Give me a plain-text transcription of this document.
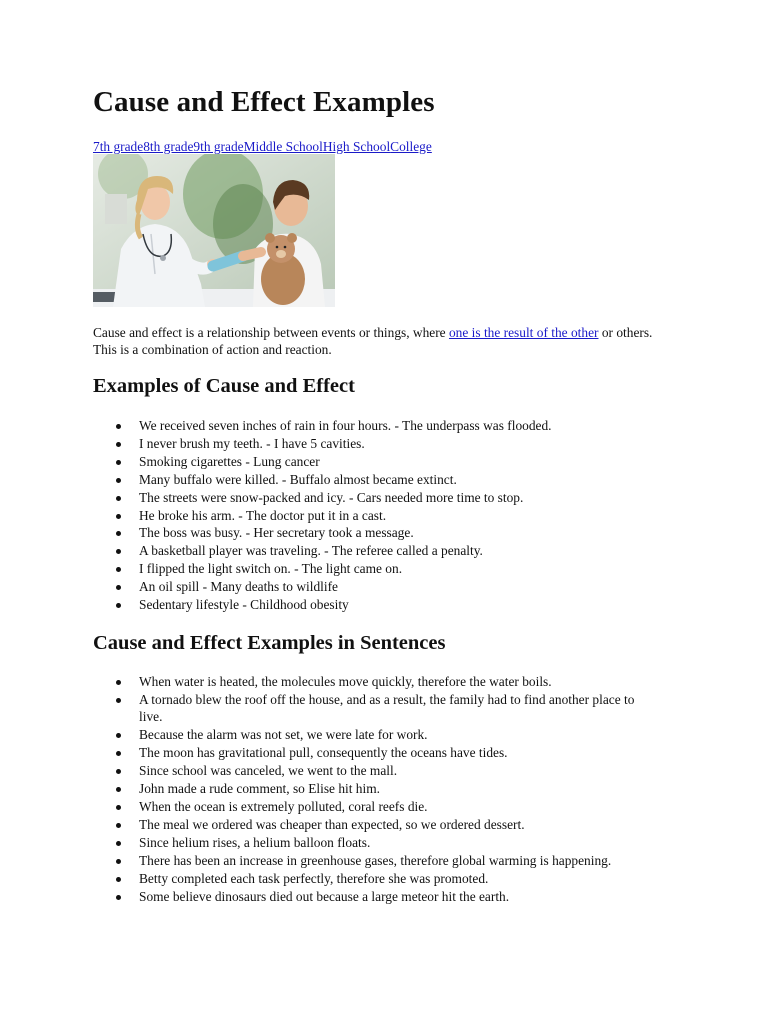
Cause and Effect Examples
7th grade8th grade9th gradeMiddle SchoolHigh SchoolCollege

Cause and effect is a relationship between events or things, where one is the result of the other or others. This is a combination of action and reaction.

Examples of Cause and Effect
We received seven inches of rain in four hours. - The underpass was flooded.
I never brush my teeth. - I have 5 cavities.
Smoking cigarettes - Lung cancer
Many buffalo were killed. - Buffalo almost became extinct.
The streets were snow-packed and icy. - Cars needed more time to stop.
He broke his arm. - The doctor put it in a cast.
The boss was busy. - Her secretary took a message.
A basketball player was traveling. - The referee called a penalty.
I flipped the light switch on. - The light came on.
An oil spill - Many deaths to wildlife
Sedentary lifestyle - Childhood obesity
Cause and Effect Examples in Sentences
When water is heated, the molecules move quickly, therefore the water boils.
A tornado blew the roof off the house, and as a result, the family had to find another place to live.
Because the alarm was not set, we were late for work.
The moon has gravitational pull, consequently the oceans have tides.
Since school was canceled, we went to the mall.
John made a rude comment, so Elise hit him.
When the ocean is extremely polluted, coral reefs die.
The meal we ordered was cheaper than expected, so we ordered dessert.
Since helium rises, a helium balloon floats.
There has been an increase in greenhouse gases, therefore global warming is happening.
Betty completed each task perfectly, therefore she was promoted.
Some believe dinosaurs died out because a large meteor hit the earth.
